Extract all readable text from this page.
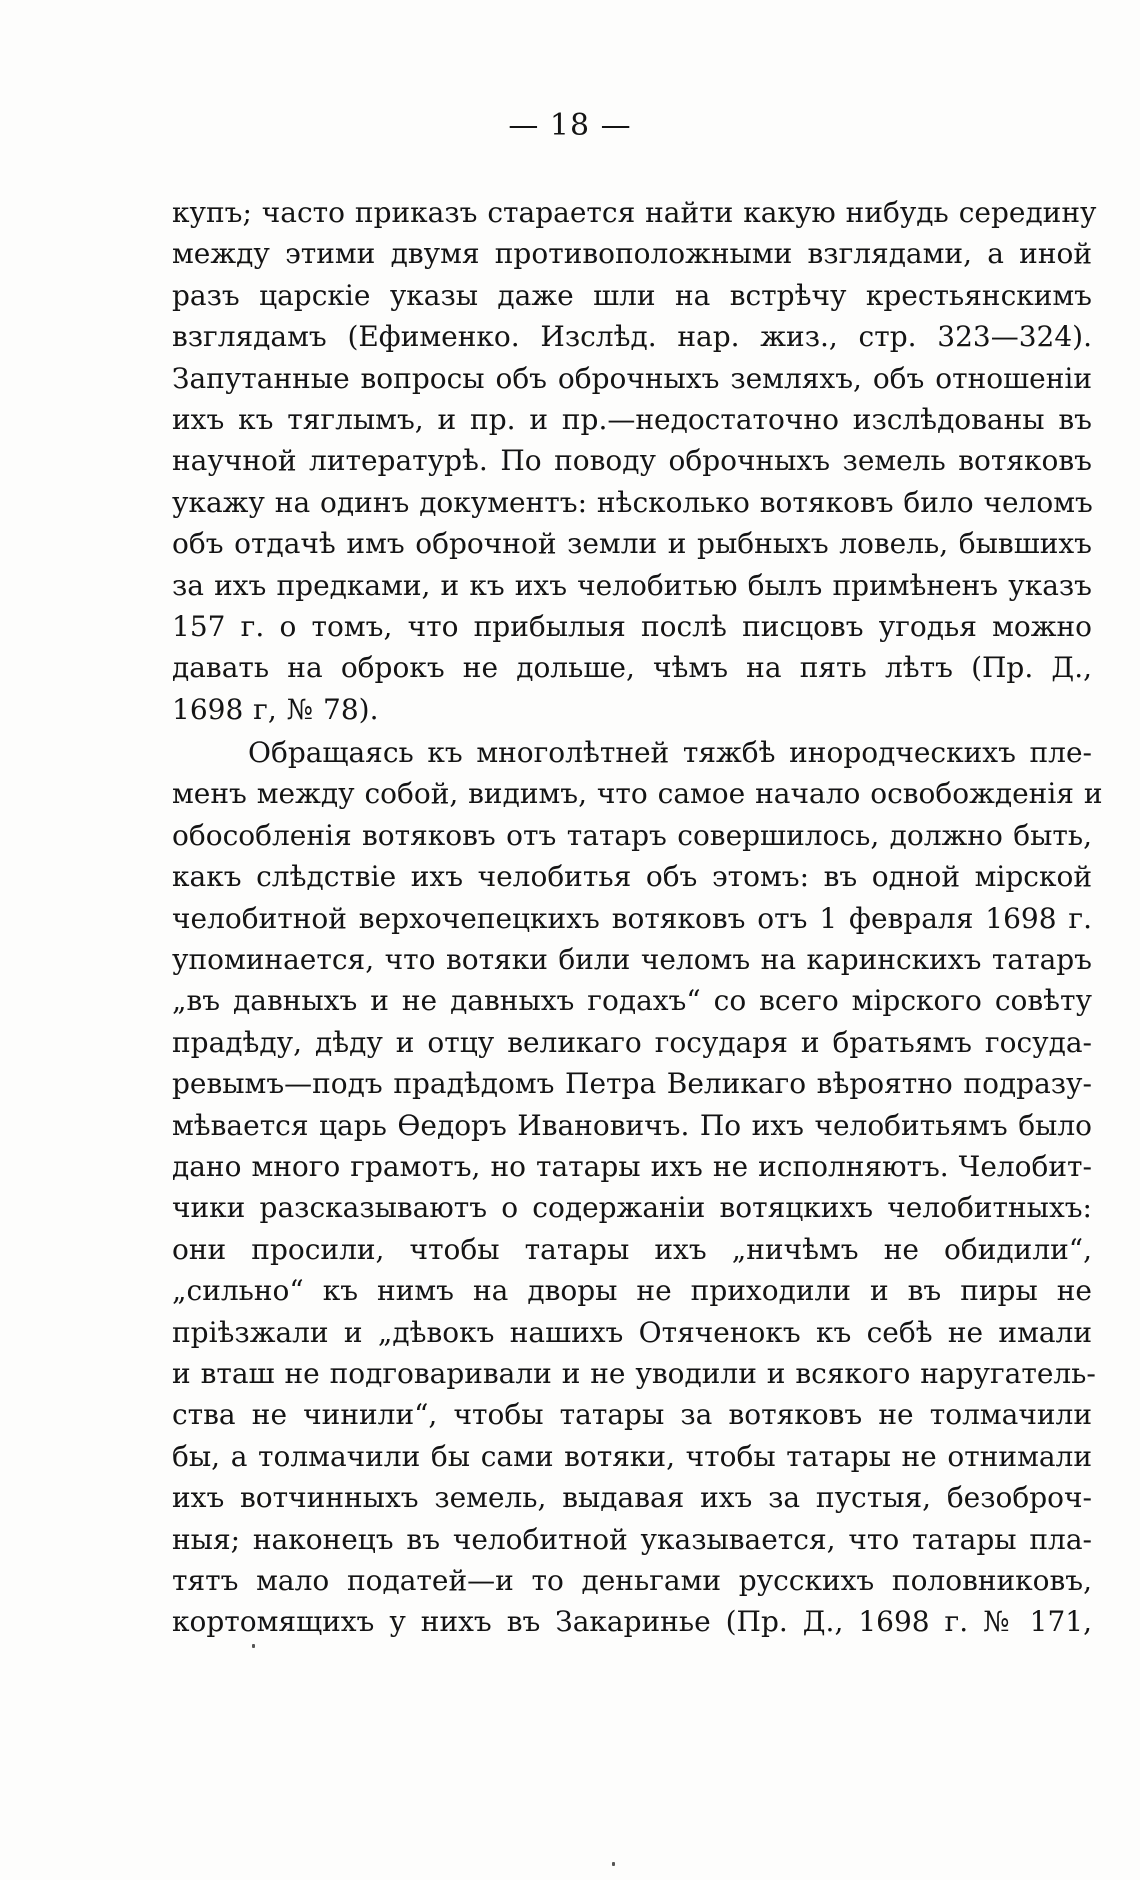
— 18 —
купъ; часто приказъ старается найти какую нибудь середину
между этими двумя противоположными взглядами, а иной
разъ царскіе указы даже шли на встрѣчу крестьянскимъ
взглядамъ (Ефименко. Изслѣд. нар. жиз., стр. 323—324).
Запутанные вопросы объ оброчныхъ земляхъ, объ отношеніи
ихъ къ тяглымъ, и пр. и пр.—недостаточно изслѣдованы въ
научной литературѣ. По поводу оброчныхъ земель вотяковъ
укажу на одинъ документъ: нѣсколько вотяковъ било челомъ
объ отдачѣ имъ оброчной земли и рыбныхъ ловель, бывшихъ
за ихъ предками, и къ ихъ челобитью былъ примѣненъ указъ
157 г. о томъ, что прибылыя послѣ писцовъ угодья можно
давать на оброкъ не дольше, чѣмъ на пять лѣтъ (Пр. Д.,
1698 г, № 78).
Обращаясь къ многолѣтней тяжбѣ инородческихъ пле-
менъ между собой, видимъ, что самое начало освобожденія и
обособленія вотяковъ отъ татаръ совершилось, должно быть,
какъ слѣдствіе ихъ челобитья объ этомъ: въ одной мірской
челобитной верхочепецкихъ вотяковъ отъ 1 февраля 1698 г.
упоминается, что вотяки били челомъ на каринскихъ татаръ
„въ давныхъ и не давныхъ годахъ“ со всего мірского совѣту
прадѣду, дѣду и отцу великаго государя и братьямъ госуда-
ревымъ—подъ прадѣдомъ Петра Великаго вѣроятно подразу-
мѣвается царь Ѳедоръ Ивановичъ. По ихъ челобитьямъ было
дано много грамотъ, но татары ихъ не исполняютъ. Челобит-
чики разсказываютъ о содержаніи вотяцкихъ челобитныхъ:
они просили, чтобы татары ихъ „ничѣмъ не обидили“,
„сильно“ къ нимъ на дворы не приходили и въ пиры не
пріѣзжали и „дѣвокъ нашихъ Отяченокъ къ себѣ не имали
и вташ не подговаривали и не уводили и всякого наругатель-
ства не чинили“, чтобы татары за вотяковъ не толмачили
бы, а толмачили бы сами вотяки, чтобы татары не отнимали
ихъ вотчинныхъ земель, выдавая ихъ за пустыя, безоброч-
ныя; наконецъ въ челобитной указывается, что татары пла-
тятъ мало податей—и то деньгами русскихъ половниковъ,
кортомящихъ у нихъ въ Закаринье (Пр. Д., 1698 г. № 171,
